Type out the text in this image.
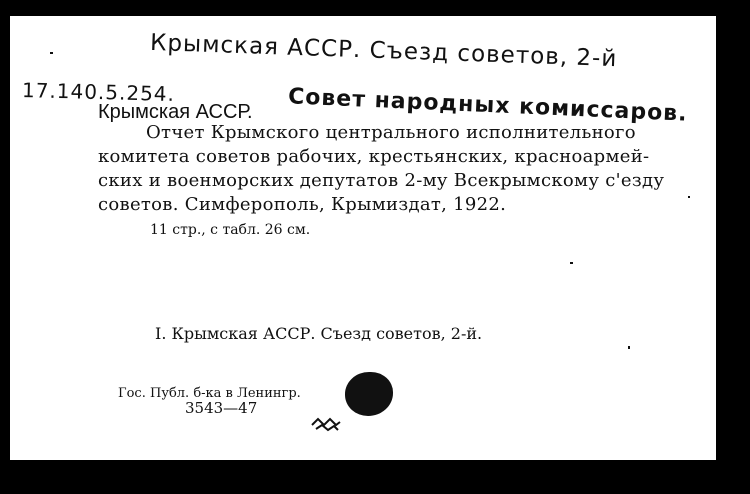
Крымская АССР. Съезд советов, 2-й
17.140.5.254.
Крымская АССР. Совет народных комиссаров.
Отчет Крымского центрального исполнительного
комитета советов рабочих, крестьянских, красноармей-
ских и военморских депутатов 2-му Всекрымскому с'езду
советов. Симферополь, Крымиздат, 1922.
11 стр., с табл. 26 см.
I. Крымская АССР. Съезд советов, 2-й.
Гос. Публ. б-ка в Ленингр.
3543—47
